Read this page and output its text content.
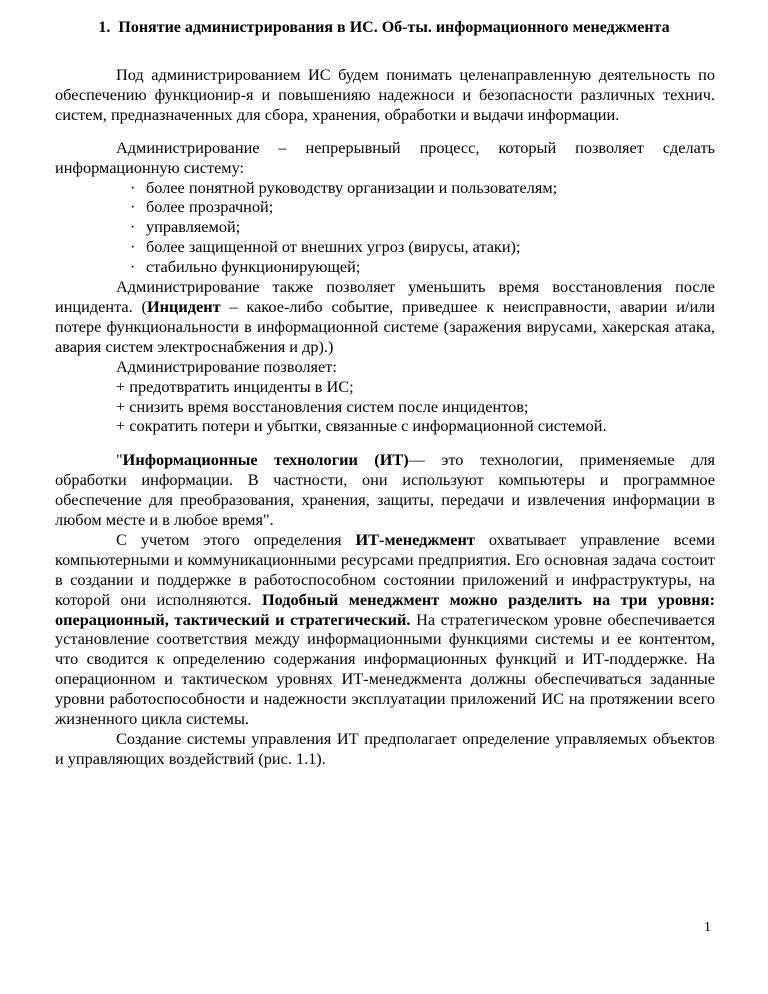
1. Понятие администрирования в ИС. Об-ты. информационного менеджмента

Под администрированием ИС будем понимать целенаправленную деятельность по обеспечению функционир-я и повышенияю надежноси и безопасности различных технич. систем, предназначенных для сбора, хранения, обработки и выдачи информации.

Администрирование – непрерывный процесс, который позволяет сделать информационную систему:

· более понятной руководству организации и пользователям;
· более прозрачной;
· управляемой;
· более защищенной от внешних угроз (вирусы, атаки);
· стабильно функционирующей;

Администрирование также позволяет уменьшить время восстановления после инцидента. (Инцидент – какое-либо событие, приведшее к неисправности, аварии и/или потере функциональности в информационной системе (заражения вирусами, хакерская атака, авария систем электроснабжения и др).)

Администрирование позволяет:

+ предотвратить инциденты в ИС;

+ снизить время восстановления систем после инцидентов;

+ сократить потери и убытки, связанные с информационной системой.

"Информационные технологии (ИТ)— это технологии, применяемые для обработки информации. В частности, они используют компьютеры и программное обеспечение для преобразования, хранения, защиты, передачи и извлечения информации в любом месте и в любое время".

С учетом этого определения ИТ-менеджмент охватывает управление всеми компьютерными и коммуникационными ресурсами предприятия. Его основная задача состоит в создании и поддержке в работоспособном состоянии приложений и инфраструктуры, на которой они исполняются. Подобный менеджмент можно разделить на три уровня: операционный, тактический и стратегический. На стратегическом уровне обеспечивается установление соответствия между информационными функциями системы и ее контентом, что сводится к определению содержания информационных функций и ИТ-поддержке. На операционном и тактическом уровнях ИТ-менеджмента должны обеспечиваться заданные уровни работоспособности и надежности эксплуатации приложений ИС на протяжении всего жизненного цикла системы.

Создание системы управления ИТ предполагает определение управляемых объектов и управляющих воздействий (рис. 1.1).

1
